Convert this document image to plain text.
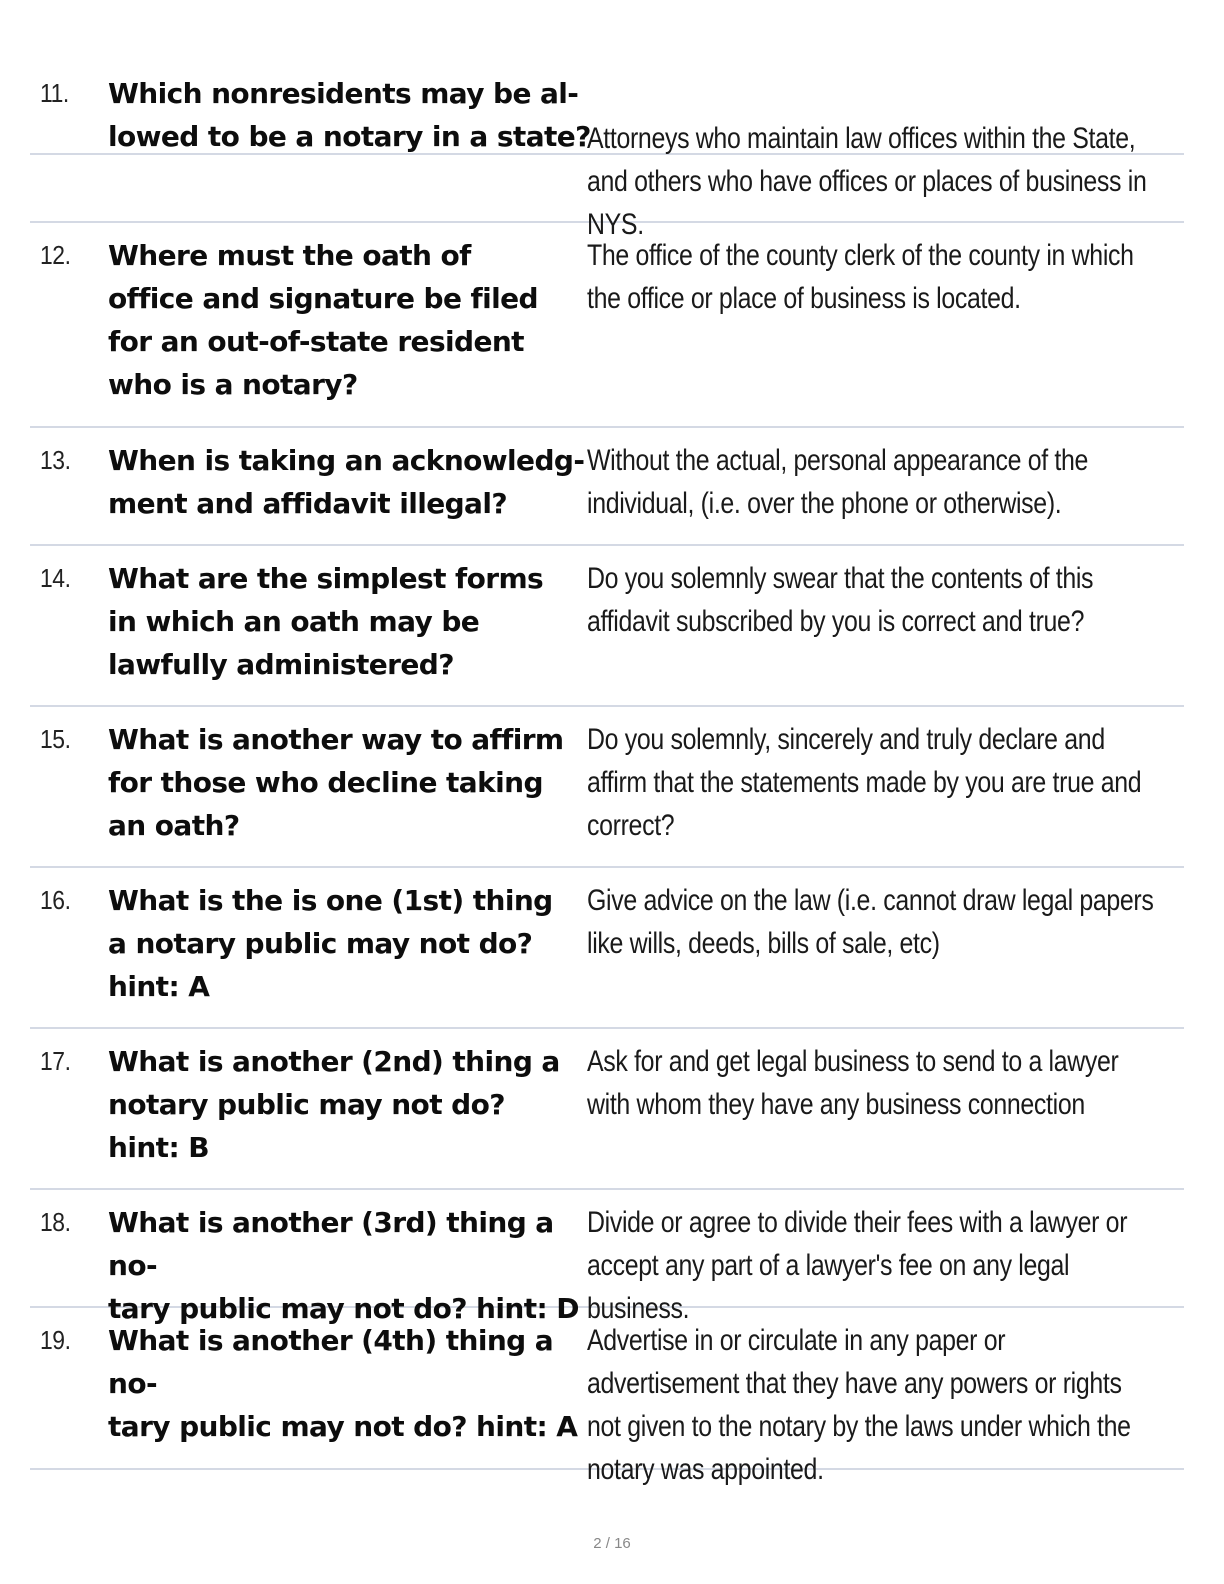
11. Which nonresidents may be al-
lowed to be a notary in a state?

Attorneys who maintain law offices within the State, and others who have offices or places of business in NYS.

12. Where must the oath of office and signature be filed for an out-of-state resident who is a notary?

The office of the county clerk of the county in which the office or place of business is located.

13. When is taking an acknowledg-
ment and affidavit illegal?

Without the actual, personal appearance of the individual, (i.e. over the phone or otherwise).

14. What are the simplest forms in which an oath may be lawfully administered?

Do you solemnly swear that the contents of this affidavit subscribed by you is correct and true?

15. What is another way to affirm for those who decline taking an oath?

Do you solemnly, sincerely and truly declare and affirm that the statements made by you are true and correct?

16. What is the is one (1st) thing a notary public may not do? hint: A

Give advice on the law (i.e. cannot draw legal papers like wills, deeds, bills of sale, etc)

17. What is another (2nd) thing a notary public may not do? hint: B

Ask for and get legal business to send to a lawyer with whom they have any business connection

18. What is another (3rd) thing a no-
tary public may not do? hint: D

Divide or agree to divide their fees with a lawyer or accept any part of a lawyer's fee on any legal business.

19. What is another (4th) thing a no-
tary public may not do? hint: A

Advertise in or circulate in any paper or advertisement that they have any powers or rights not given to the notary by the laws under which the notary was appointed.

2 / 16
